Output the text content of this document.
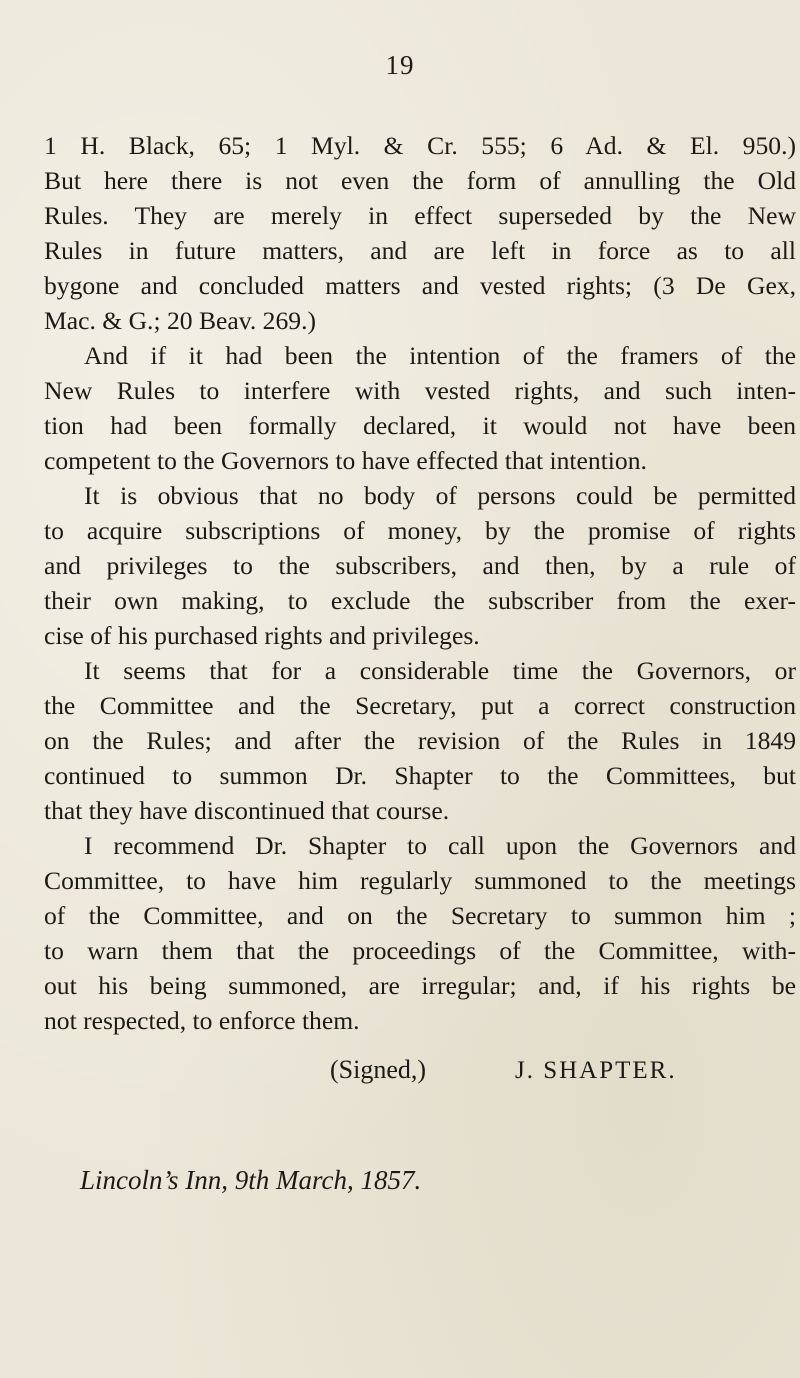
19
1 H. Black, 65; 1 Myl. & Cr. 555; 6 Ad. & El. 950.)
But here there is not even the form of annulling the Old
Rules. They are merely in effect superseded by the New
Rules in future matters, and are left in force as to all
bygone and concluded matters and vested rights; (3 De Gex,
Mac. & G.; 20 Beav. 269.)
And if it had been the intention of the framers of the
New Rules to interfere with vested rights, and such inten-
tion had been formally declared, it would not have been
competent to the Governors to have effected that intention.
It is obvious that no body of persons could be permitted
to acquire subscriptions of money, by the promise of rights
and privileges to the subscribers, and then, by a rule of
their own making, to exclude the subscriber from the exer-
cise of his purchased rights and privileges.
It seems that for a considerable time the Governors, or
the Committee and the Secretary, put a correct construction
on the Rules; and after the revision of the Rules in 1849
continued to summon Dr. Shapter to the Committees, but
that they have discontinued that course.
I recommend Dr. Shapter to call upon the Governors and
Committee, to have him regularly summoned to the meetings
of the Committee, and on the Secretary to summon him ;
to warn them that the proceedings of the Committee, with-
out his being summoned, are irregular; and, if his rights be
not respected, to enforce them.
(Signed,)	J. SHAPTER.
Lincoln’s Inn, 9th March, 1857.
